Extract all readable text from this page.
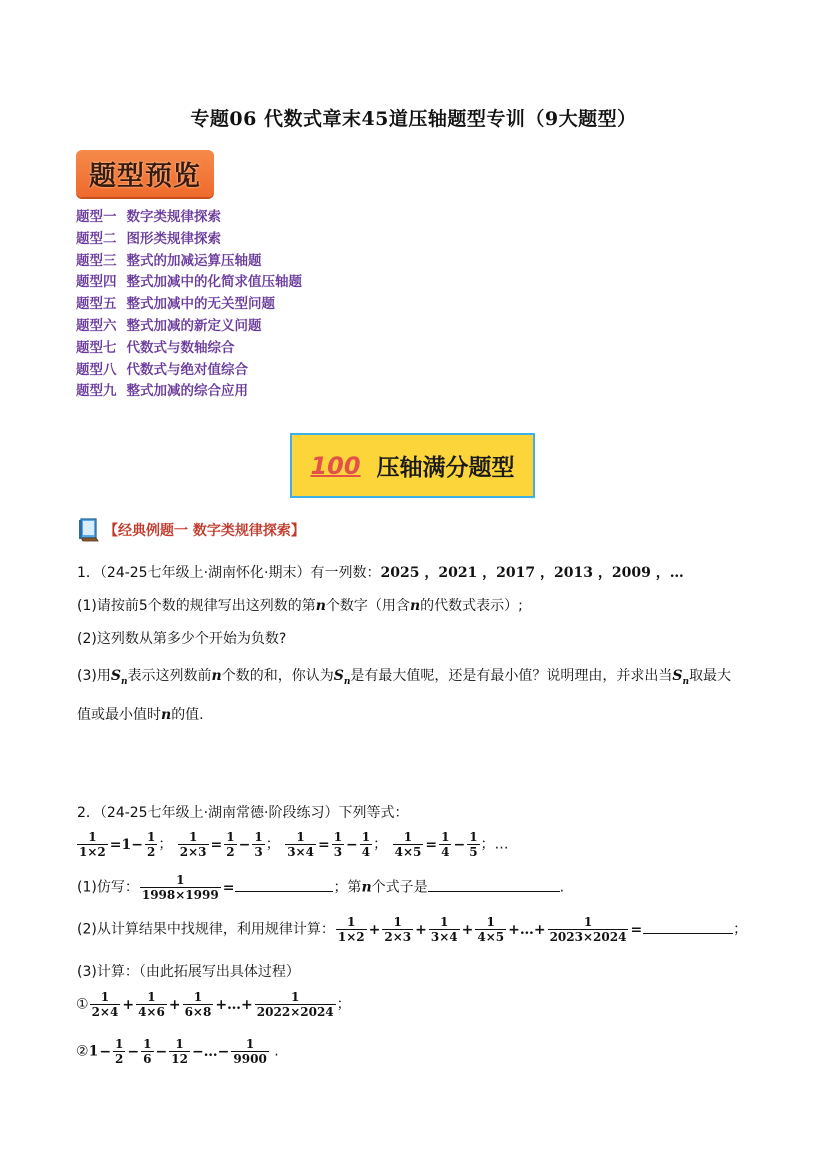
专题06 代数式章末45道压轴题型专训（9大题型）
题型预览
题型一 数字类规律探索
题型二 图形类规律探索
题型三 整式的加减运算压轴题
题型四 整式加减中的化简求值压轴题
题型五 整式加减中的无关型问题
题型六 整式加减的新定义问题
题型七 代数式与数轴综合
题型八 代数式与绝对值综合
题型九 整式加减的综合应用
100 压轴满分题型
【经典例题一 数字类规律探索】
1．（24-25七年级上·湖南怀化·期末）有一列数：2025 ，2021 ，2017 ，2013 ，2009 ，…
(1)请按前5个数的规律写出这列数的第n个数字（用含n的代数式表示）;
(2)这列数从第多少个开始为负数?
(3)用$S_n$表示这列数前n个数的和，你认为$S_n$是有最大值呢，还是有最小值？说明理由，并求出当$S_n$取最大
值或最小值时n的值.
2．（24-25七年级上·湖南常德·阶段练习）下列等式：
$\frac{1}{1\times 2} =1- \frac{1}{2}$ ； $\frac{1}{2\times 3} = \frac{1}{2} - \frac{1}{3}$ ； $\frac{1}{3\times 4} = \frac{1}{3} - \frac{1}{4}$ ； $\frac{1}{4\times 5} = \frac{1}{4} - \frac{1}{5}$ ；…
(1)仿写： $\frac{1}{1998\times 1999}$ =	；第n个式子是	.
(2)从计算结果中找规律，利用规律计算： $\frac{1}{1\times 2} + \frac{1}{2\times 3} + \frac{1}{3\times 4} + \frac{1}{4\times 5}$ +…+ $\frac{1}{2023\times 2024}$ =	；
(3)计算：（由此拓展写出具体过程）
① $\frac{1}{2\times 4} + \frac{1}{4\times 6} + \frac{1}{6\times 8}$ +…+ $\frac{1}{2022\times 2024}$ ；
②1− $\frac{1}{2} - \frac{1}{6} - \frac{1}{12}$ −…− $\frac{1}{9900}$ .
